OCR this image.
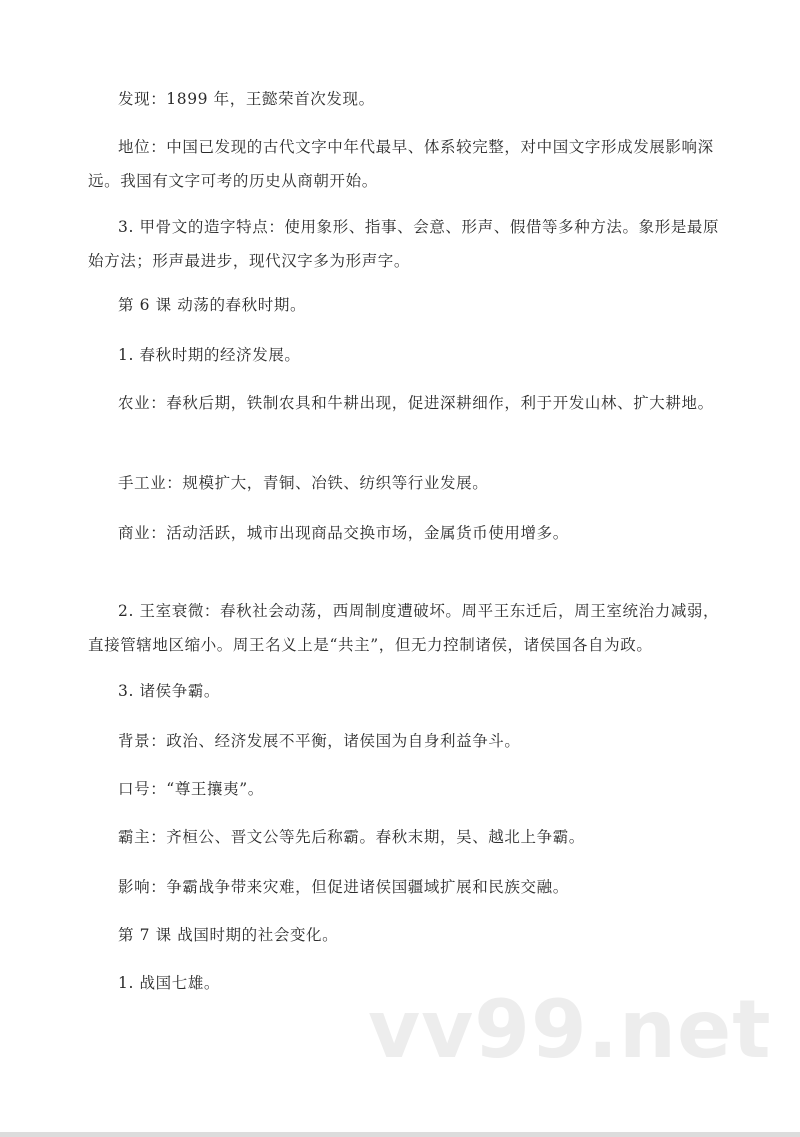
发现：1899 年，王懿荣首次发现。

地位：中国已发现的古代文字中年代最早、体系较完整，对中国文字形成发展影响深远。我国有文字可考的历史从商朝开始。

3. 甲骨文的造字特点：使用象形、指事、会意、形声、假借等多种方法。象形是最原始方法；形声最进步，现代汉字多为形声字。

第 6 课 动荡的春秋时期。

1. 春秋时期的经济发展。

农业：春秋后期，铁制农具和牛耕出现，促进深耕细作，利于开发山林、扩大耕地。

手工业：规模扩大，青铜、冶铁、纺织等行业发展。

商业：活动活跃，城市出现商品交换市场，金属货币使用增多。

2. 王室衰微：春秋社会动荡，西周制度遭破坏。周平王东迁后，周王室统治力减弱，直接管辖地区缩小。周王名义上是“共主”，但无力控制诸侯，诸侯国各自为政。

3. 诸侯争霸。

背景：政治、经济发展不平衡，诸侯国为自身利益争斗。

口号：“尊王攘夷”。

霸主：齐桓公、晋文公等先后称霸。春秋末期，吴、越北上争霸。

影响：争霸战争带来灾难，但促进诸侯国疆域扩展和民族交融。

第 7 课 战国时期的社会变化。

1. 战国七雄。	vv99.net
